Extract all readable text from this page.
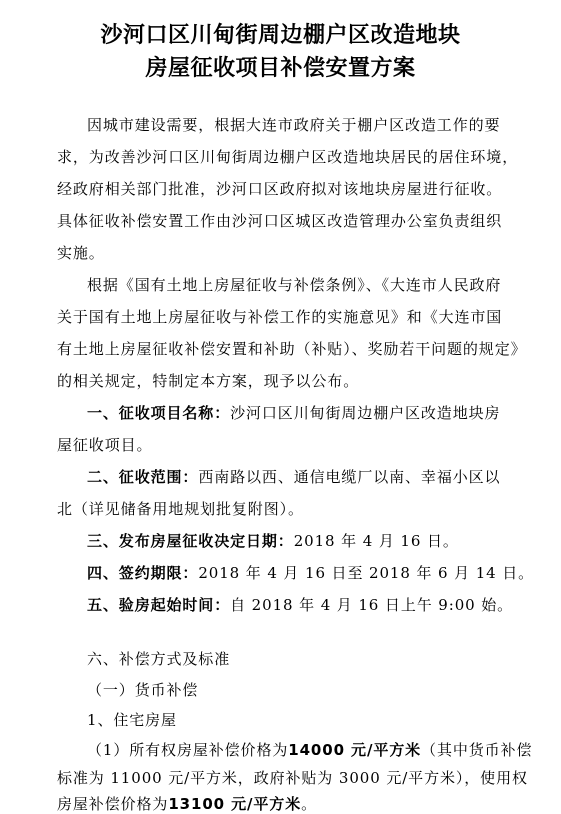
沙河口区川甸街周边棚户区改造地块
房屋征收项目补偿安置方案
因城市建设需要，根据大连市政府关于棚户区改造工作的要
求，为改善沙河口区川甸街周边棚户区改造地块居民的居住环境，
经政府相关部门批准，沙河口区政府拟对该地块房屋进行征收。
具体征收补偿安置工作由沙河口区城区改造管理办公室负责组织
实施。
根据《国有土地上房屋征收与补偿条例》、《大连市人民政府
关于国有土地上房屋征收与补偿工作的实施意见》和《大连市国
有土地上房屋征收补偿安置和补助（补贴）、奖励若干问题的规定》
的相关规定，特制定本方案，现予以公布。
一、征收项目名称：沙河口区川甸街周边棚户区改造地块房
屋征收项目。
二、征收范围：西南路以西、通信电缆厂以南、幸福小区以
北（详见储备用地规划批复附图）。
三、发布房屋征收决定日期：2018 年 4 月 16 日。
四、签约期限：2018 年 4 月 16 日至 2018 年 6 月 14 日。
五、验房起始时间：自 2018 年 4 月 16 日上午 9:00 始。
六、补偿方式及标准
（一）货币补偿
1、住宅房屋
（1）所有权房屋补偿价格为14000 元/平方米（其中货币补偿
标准为 11000 元/平方米，政府补贴为 3000 元/平方米），使用权
房屋补偿价格为13100 元/平方米。
